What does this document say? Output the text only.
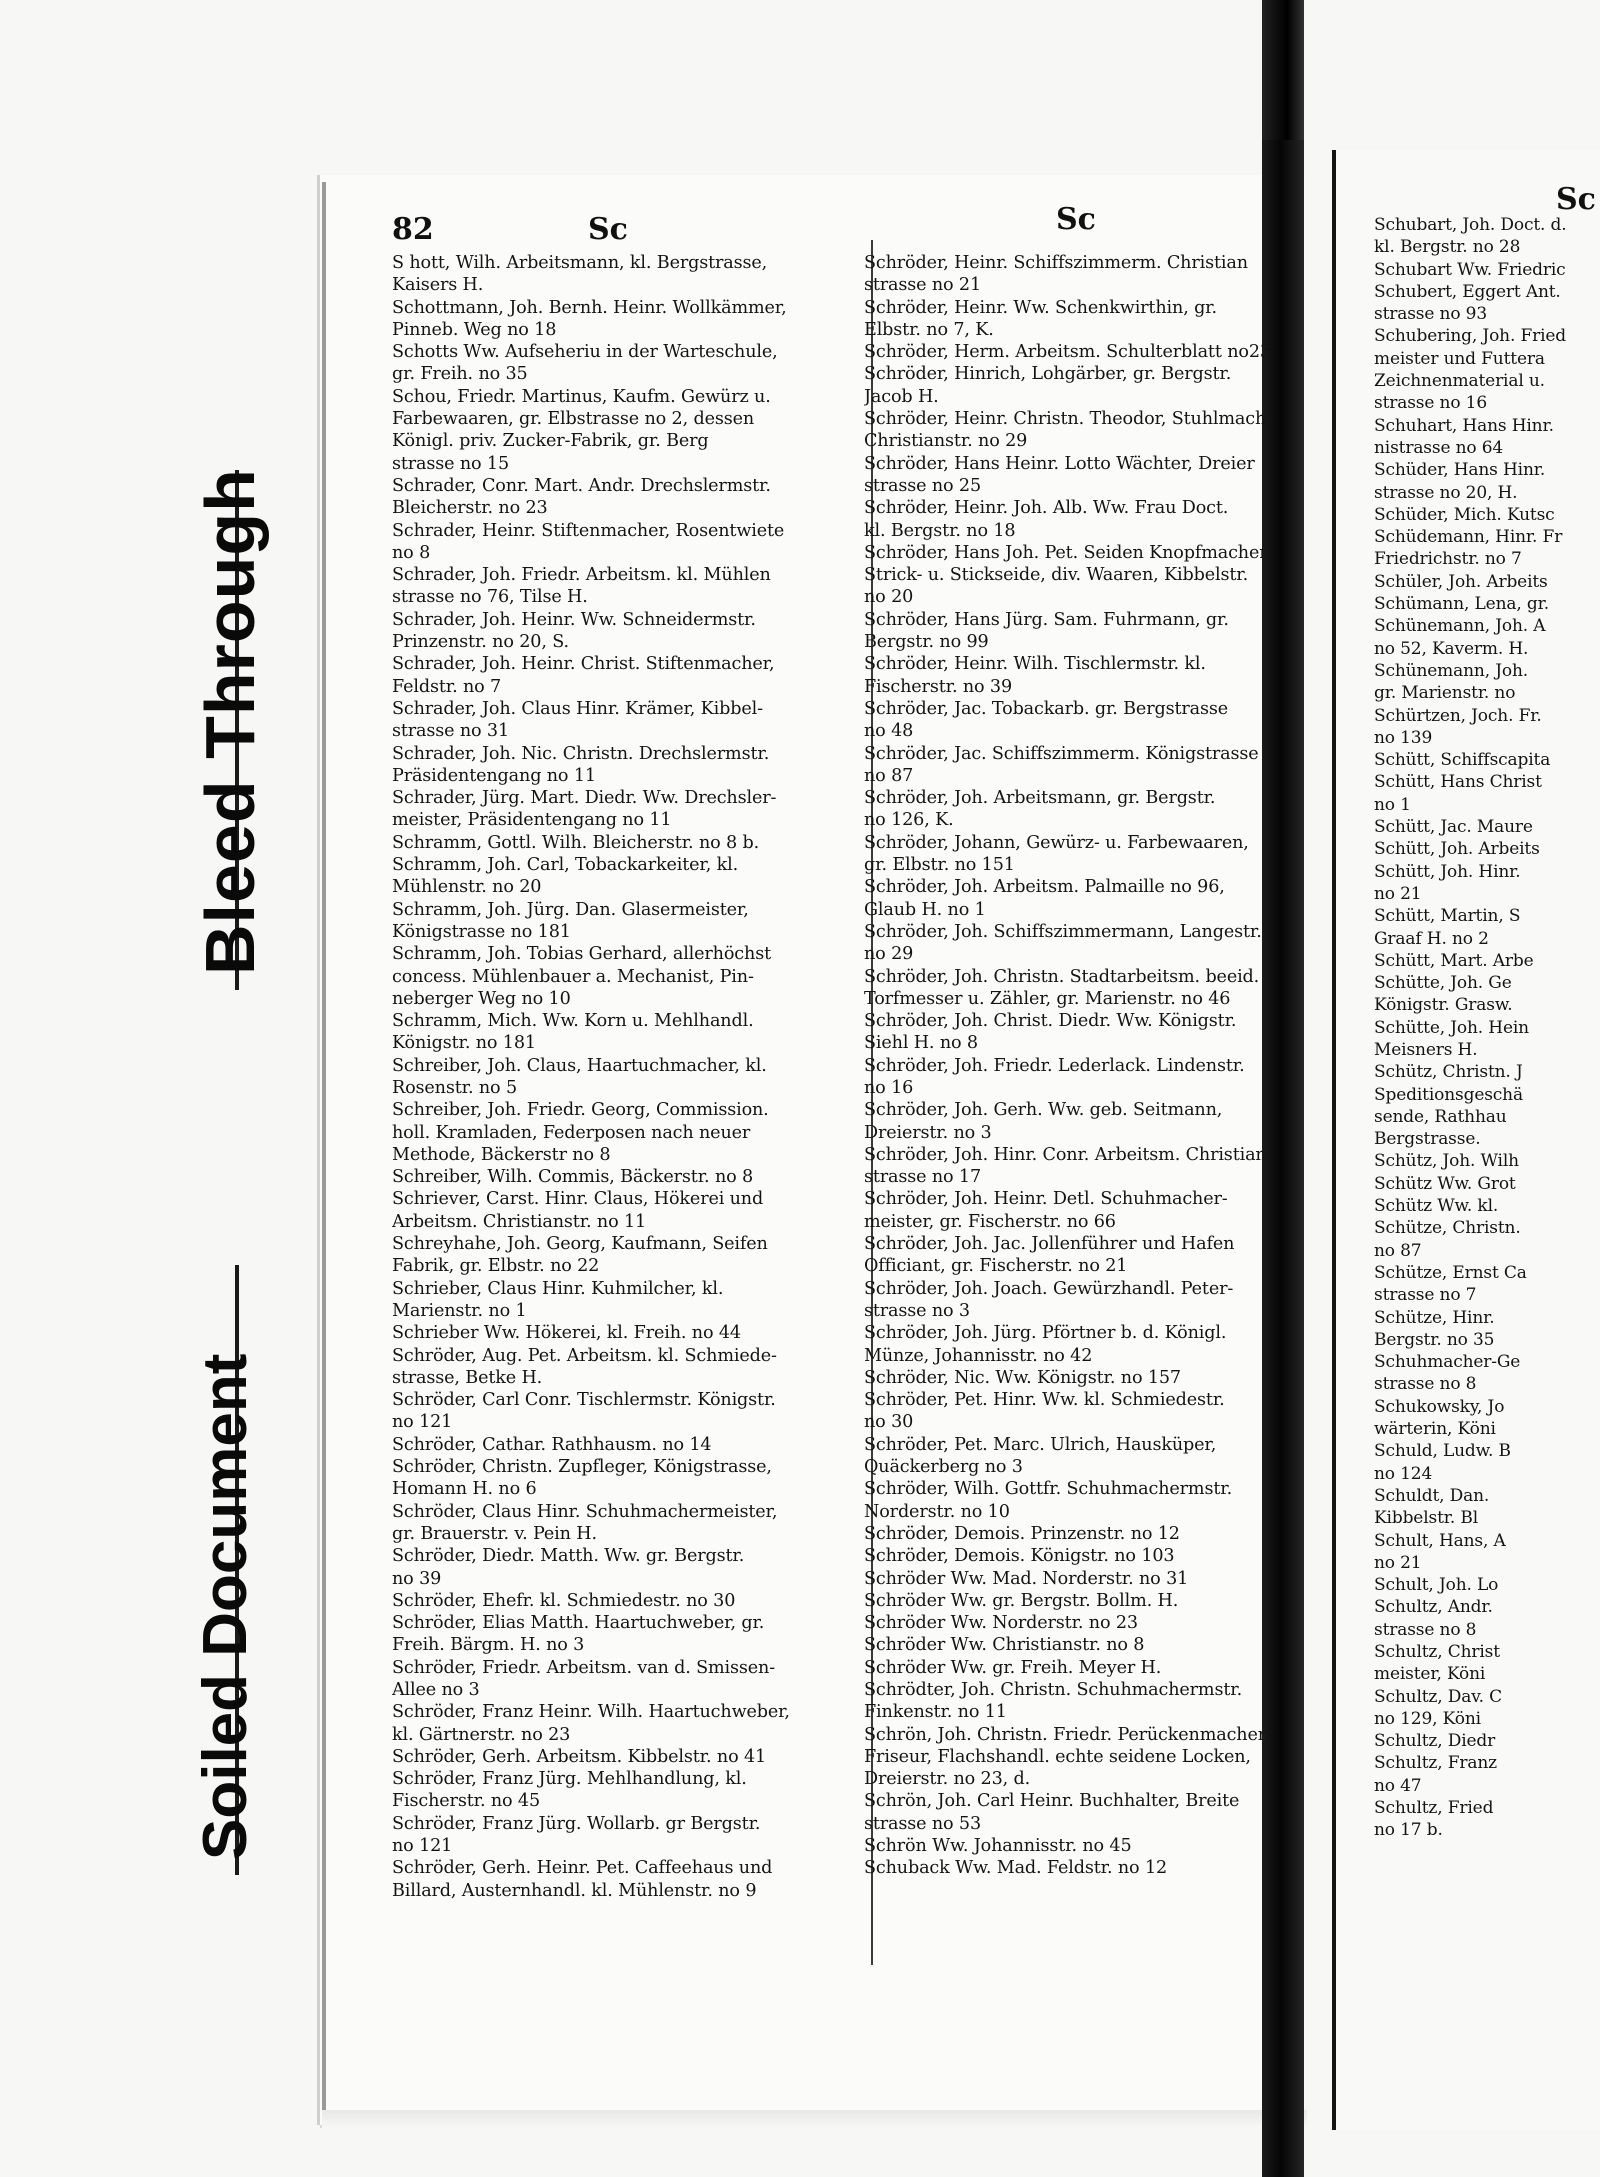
Bleed Through
Soiled Document
82	Sc	Sc
Sc
S hott, Wilh. Arbeitsmann, kl. Bergstrasse,
Kaisers H.
Schottmann, Joh. Bernh. Heinr. Wollkämmer,
Pinneb. Weg no 18
Schotts Ww. Aufseheriu in der Warteschule,
gr. Freih. no 35
Schou, Friedr. Martinus, Kaufm. Gewürz u.
Farbewaaren, gr. Elbstrasse no 2, dessen
Königl. priv. Zucker-Fabrik, gr. Berg
strasse no 15
Schrader, Conr. Mart. Andr. Drechslermstr.
Bleicherstr. no 23
Schrader, Heinr. Stiftenmacher, Rosentwiete
no 8
Schrader, Joh. Friedr. Arbeitsm. kl. Mühlen
strasse no 76, Tilse H.
Schrader, Joh. Heinr. Ww. Schneidermstr.
Prinzenstr. no 20, S.
Schrader, Joh. Heinr. Christ. Stiftenmacher,
Feldstr. no 7
Schrader, Joh. Claus Hinr. Krämer, Kibbel-
strasse no 31
Schrader, Joh. Nic. Christn. Drechslermstr.
Präsidentengang no 11
Schrader, Jürg. Mart. Diedr. Ww. Drechsler-
meister, Präsidentengang no 11
Schramm, Gottl. Wilh. Bleicherstr. no 8 b.
Schramm, Joh. Carl, Tobackarkeiter, kl.
Mühlenstr. no 20
Schramm, Joh. Jürg. Dan. Glasermeister,
Königstrasse no 181
Schramm, Joh. Tobias Gerhard, allerhöchst
concess. Mühlenbauer a. Mechanist, Pin-
neberger Weg no 10
Schramm, Mich. Ww. Korn u. Mehlhandl.
Königstr. no 181
Schreiber, Joh. Claus, Haartuchmacher, kl.
Rosenstr. no 5
Schreiber, Joh. Friedr. Georg, Commission.
holl. Kramladen, Federposen nach neuer
Methode, Bäckerstr no 8
Schreiber, Wilh. Commis, Bäckerstr. no 8
Schriever, Carst. Hinr. Claus, Hökerei und
Arbeitsm. Christianstr. no 11
Schreyhahe, Joh. Georg, Kaufmann, Seifen
Fabrik, gr. Elbstr. no 22
Schrieber, Claus Hinr. Kuhmilcher, kl.
Marienstr. no 1
Schrieber Ww. Hökerei, kl. Freih. no 44
Schröder, Aug. Pet. Arbeitsm. kl. Schmiede-
strasse, Betke H.
Schröder, Carl Conr. Tischlermstr. Königstr.
no 121
Schröder, Cathar. Rathhausm. no 14
Schröder, Christn. Zupfleger, Königstrasse,
Homann H. no 6
Schröder, Claus Hinr. Schuhmachermeister,
gr. Brauerstr. v. Pein H.
Schröder, Diedr. Matth. Ww. gr. Bergstr.
no 39
Schröder, Ehefr. kl. Schmiedestr. no 30
Schröder, Elias Matth. Haartuchweber, gr.
Freih. Bärgm. H. no 3
Schröder, Friedr. Arbeitsm. van d. Smissen-
Allee no 3
Schröder, Franz Heinr. Wilh. Haartuchweber,
kl. Gärtnerstr. no 23
Schröder, Gerh. Arbeitsm. Kibbelstr. no 41
Schröder, Franz Jürg. Mehlhandlung, kl.
Fischerstr. no 45
Schröder, Franz Jürg. Wollarb. gr Bergstr.
no 121
Schröder, Gerh. Heinr. Pet. Caffeehaus und
Billard, Austernhandl. kl. Mühlenstr. no 9
Schröder, Heinr. Schiffszimmerm. Christian
strasse no 21
Schröder, Heinr. Ww. Schenkwirthin, gr.
Elbstr. no 7, K.
Schröder, Herm. Arbeitsm. Schulterblatt no23
Schröder, Hinrich, Lohgärber, gr. Bergstr.
Jacob H.
Schröder, Heinr. Christn. Theodor, Stuhlmach.
Christianstr. no 29
Schröder, Hans Heinr. Lotto Wächter, Dreier
strasse no 25
Schröder, Heinr. Joh. Alb. Ww. Frau Doct.
kl. Bergstr. no 18
Schröder, Hans Joh. Pet. Seiden Knopfmacher,
Strick- u. Stickseide, div. Waaren, Kibbelstr.
no 20
Schröder, Hans Jürg. Sam. Fuhrmann, gr.
Bergstr. no 99
Schröder, Heinr. Wilh. Tischlermstr. kl.
Fischerstr. no 39
Schröder, Jac. Tobackarb. gr. Bergstrasse
no 48
Schröder, Jac. Schiffszimmerm. Königstrasse
no 87
Schröder, Joh. Arbeitsmann, gr. Bergstr.
no 126, K.
Schröder, Johann, Gewürz- u. Farbewaaren,
gr. Elbstr. no 151
Schröder, Joh. Arbeitsm. Palmaille no 96,
Glaub H. no 1
Schröder, Joh. Schiffszimmermann, Langestr.
no 29
Schröder, Joh. Christn. Stadtarbeitsm. beeid.
Torfmesser u. Zähler, gr. Marienstr. no 46
Schröder, Joh. Christ. Diedr. Ww. Königstr.
Siehl H. no 8
Schröder, Joh. Friedr. Lederlack. Lindenstr.
no 16
Schröder, Joh. Gerh. Ww. geb. Seitmann,
Dreierstr. no 3
Schröder, Joh. Hinr. Conr. Arbeitsm. Christian
strasse no 17
Schröder, Joh. Heinr. Detl. Schuhmacher-
meister, gr. Fischerstr. no 66
Schröder, Joh. Jac. Jollenführer und Hafen
Officiant, gr. Fischerstr. no 21
Schröder, Joh. Joach. Gewürzhandl. Peter-
strasse no 3
Schröder, Joh. Jürg. Pförtner b. d. Königl.
Münze, Johannisstr. no 42
Schröder, Nic. Ww. Königstr. no 157
Schröder, Pet. Hinr. Ww. kl. Schmiedestr.
no 30
Schröder, Pet. Marc. Ulrich, Hausküper,
Quäckerberg no 3
Schröder, Wilh. Gottfr. Schuhmachermstr.
Norderstr. no 10
Schröder, Demois. Prinzenstr. no 12
Schröder, Demois. Königstr. no 103
Schröder Ww. Mad. Norderstr. no 31
Schröder Ww. gr. Bergstr. Bollm. H.
Schröder Ww. Norderstr. no 23
Schröder Ww. Christianstr. no 8
Schröder Ww. gr. Freih. Meyer H.
Schrödter, Joh. Christn. Schuhmachermstr.
Finkenstr. no 11
Schrön, Joh. Christn. Friedr. Perückenmacher,
Friseur, Flachshandl. echte seidene Locken,
Dreierstr. no 23, d.
Schrön, Joh. Carl Heinr. Buchhalter, Breite
strasse no 53
Schrön Ww. Johannisstr. no 45
Schuback Ww. Mad. Feldstr. no 12
Schubart, Joh. Doct. d.
kl. Bergstr. no 28
Schubart Ww. Friedric
Schubert, Eggert Ant.
strasse no 93
Schubering, Joh. Fried
meister und Futtera
Zeichnenmaterial u.
strasse no 16
Schuhart, Hans Hinr.
nistrasse no 64
Schüder, Hans Hinr.
strasse no 20, H.
Schüder, Mich. Kutsc
Schüdemann, Hinr. Fr
Friedrichstr. no 7
Schüler, Joh. Arbeits
Schümann, Lena, gr.
Schünemann, Joh. A
no 52, Kaverm. H.
Schünemann, Joh.
gr. Marienstr. no
Schürtzen, Joch. Fr.
no 139
Schütt, Schiffscapita
Schütt, Hans Christ
no 1
Schütt, Jac. Maure
Schütt, Joh. Arbeits
Schütt, Joh. Hinr.
no 21
Schütt, Martin, S
Graaf H. no 2
Schütt, Mart. Arbe
Schütte, Joh. Ge
Königstr. Grasw.
Schütte, Joh. Hein
Meisners H.
Schütz, Christn. J
Speditionsgeschä
sende, Rathhau
Bergstrasse.
Schütz, Joh. Wilh
Schütz Ww. Grot
Schütz Ww. kl.
Schütze, Christn.
no 87
Schütze, Ernst Ca
strasse no 7
Schütze, Hinr.
Bergstr. no 35
Schuhmacher-Ge
strasse no 8
Schukowsky, Jo
wärterin, Köni
Schuld, Ludw. B
no 124
Schuldt, Dan.
Kibbelstr. Bl
Schult, Hans, A
no 21
Schult, Joh. Lo
Schultz, Andr.
strasse no 8
Schultz, Christ
meister, Köni
Schultz, Dav. C
no 129, Köni
Schultz, Diedr
Schultz, Franz
no 47
Schultz, Fried
no 17 b.
